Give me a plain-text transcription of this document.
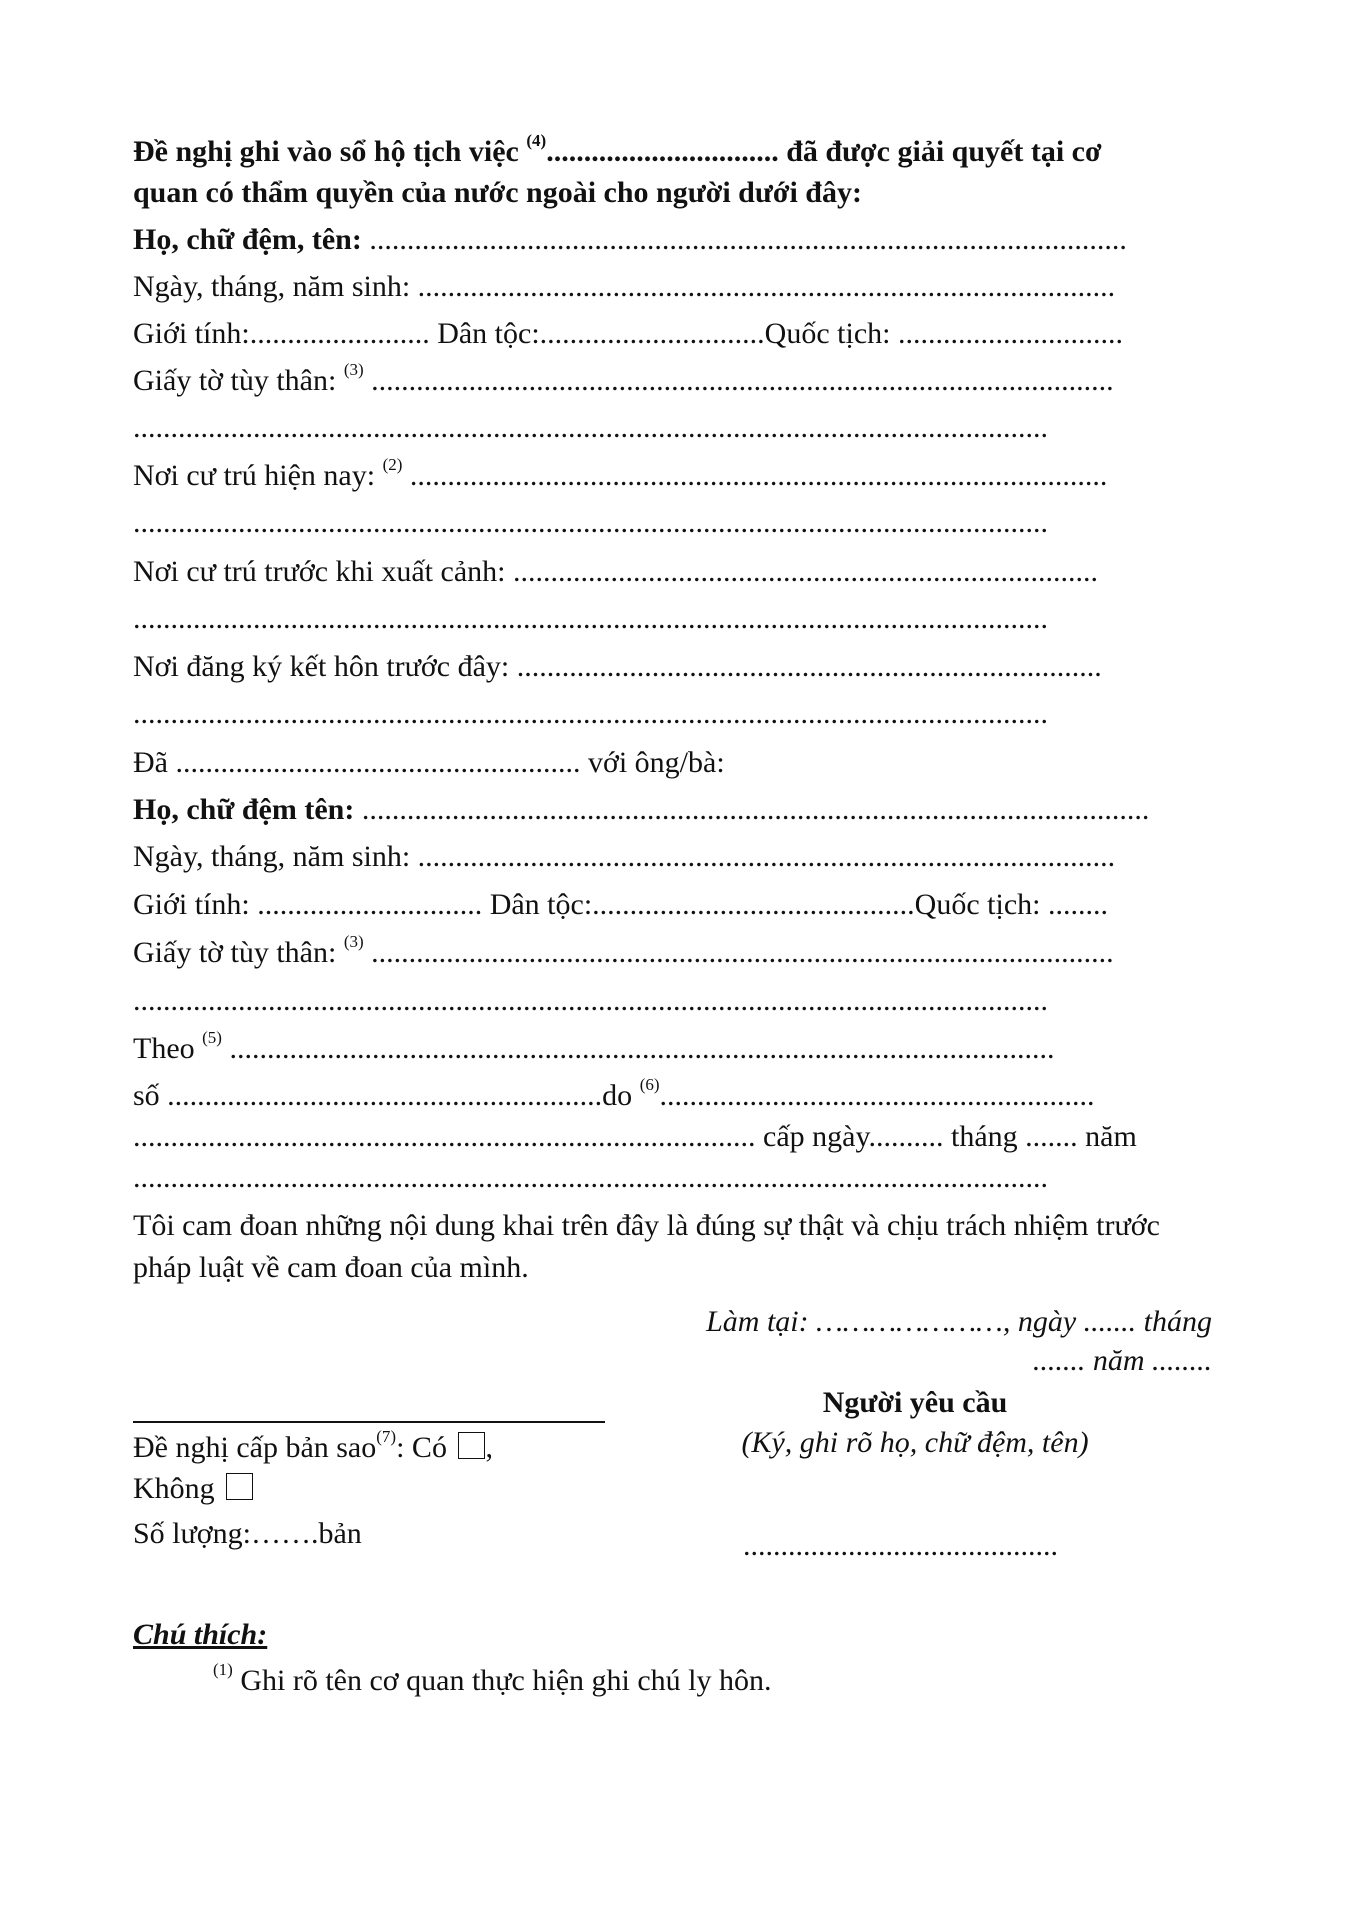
Đề nghị ghi vào sổ hộ tịch việc $^{(4)}$............................... đã được giải quyết tại cơ
quan có thẩm quyền của nước ngoài cho người dưới đây:
Họ, chữ đệm, tên: .....................................................................................................
Ngày, tháng, năm sinh: .............................................................................................
Giới tính:........................ Dân tộc:..............................Quốc tịch: ..............................
Giấy tờ tùy thân: $^{(3)}$ ...................................................................................................
..........................................................................................................................
Nơi cư trú hiện nay: $^{(2)}$ .............................................................................................
..........................................................................................................................
Nơi cư trú trước khi xuất cảnh: ..............................................................................
..........................................................................................................................
Nơi đăng ký kết hôn trước đây: ..............................................................................
..........................................................................................................................
Đã ...................................................... với ông/bà:
Họ, chữ đệm tên: .........................................................................................................
Ngày, tháng, năm sinh: .............................................................................................
Giới tính: .............................. Dân tộc:...........................................Quốc tịch: ........
Giấy tờ tùy thân: $^{(3)}$ ...................................................................................................
..........................................................................................................................
Theo $^{(5)}$ ..............................................................................................................
số ..........................................................do $^{(6)}$..........................................................
................................................................................... cấp ngày.......... tháng ....... năm
..........................................................................................................................
Tôi cam đoan những nội dung khai trên đây là đúng sự thật và chịu trách nhiệm trước
pháp luật về cam đoan của mình.
Làm tại: …………………, ngày ....... tháng
....... năm ........
Người yêu cầu
(Ký, ghi rõ họ, chữ đệm, tên)
..........................................
Đề nghị cấp bản sao$^{(7)}$: Có ,
Không
Số lượng:…….bản
Chú thích:
$^{(1)}$ Ghi rõ tên cơ quan thực hiện ghi chú ly hôn.
